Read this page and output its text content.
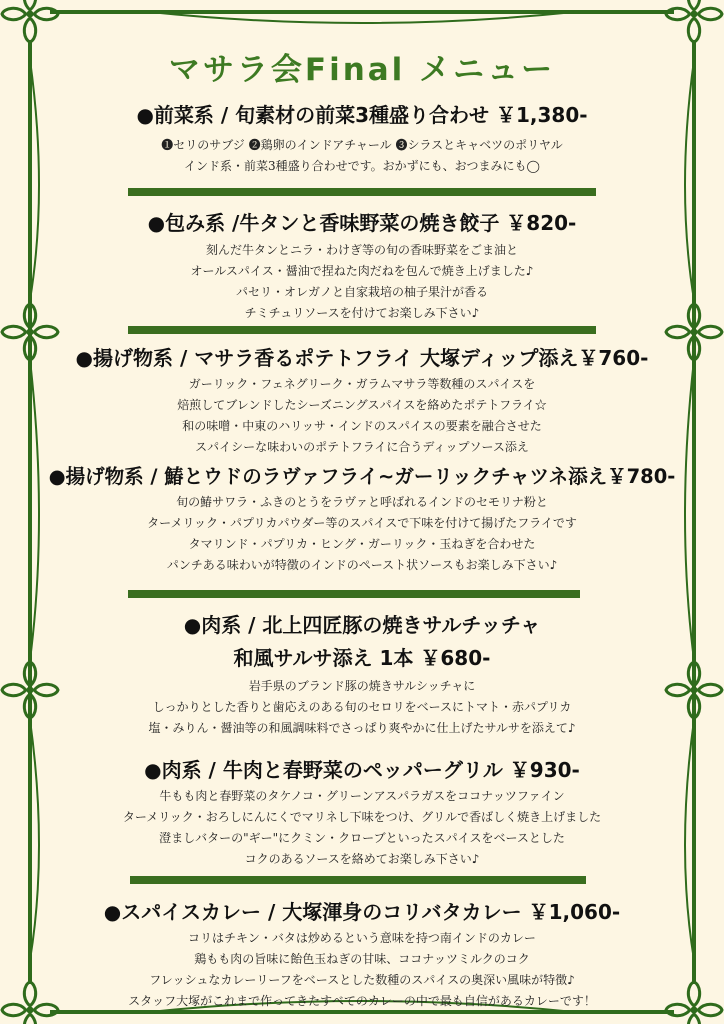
マサラ会Final メニュー
●前菜系 / 旬素材の前菜3種盛り合わせ ￥1,380-
❶セリのサブジ ❷鶏卵のインドアチャール ❸シラスとキャベツのポリヤル
インド系・前菜3種盛り合わせです。おかずにも、おつまみにも◯
●包み系 /牛タンと香味野菜の焼き餃子 ￥820-
刻んだ牛タンとニラ・わけぎ等の旬の香味野菜をごま油と
オールスパイス・醤油で捏ねた肉だねを包んで焼き上げました♪
パセリ・オレガノと自家栽培の柚子果汁が香る
チミチュリソースを付けてお楽しみ下さい♪
●揚げ物系 / マサラ香るポテトフライ 大塚ディップ添え￥760-
ガーリック・フェネグリーク・ガラムマサラ等数種のスパイスを
焙煎してブレンドしたシーズニングスパイスを絡めたポテトフライ☆
和の味噌・中東のハリッサ・インドのスパイスの要素を融合させた
スパイシーな味わいのポテトフライに合うディップソース添え
●揚げ物系 / 鰆とウドのラヴァフライ~ガーリックチャツネ添え￥780-
旬の鰆サワラ・ふきのとうをラヴァと呼ばれるインドのセモリナ粉と
ターメリック・パプリカパウダー等のスパイスで下味を付けて揚げたフライです
タマリンド・パプリカ・ヒング・ガーリック・玉ねぎを合わせた
パンチある味わいが特徴のインドのペースト状ソースもお楽しみ下さい♪
●肉系 / 北上四匠豚の焼きサルチッチャ
和風サルサ添え 1本 ￥680-
岩手県のブランド豚の焼きサルシッチャに
しっかりとした香りと歯応えのある旬のセロリをベースにトマト・赤パプリカ
塩・みりん・醤油等の和風調味料でさっぱり爽やかに仕上げたサルサを添えて♪
●肉系 / 牛肉と春野菜のペッパーグリル ￥930-
牛もも肉と春野菜のタケノコ・グリーンアスパラガスをココナッツファイン
ターメリック・おろしにんにくでマリネし下味をつけ、グリルで香ばしく焼き上げました
澄ましバターの"ギー"にクミン・クローブといったスパイスをベースとした
コクのあるソースを絡めてお楽しみ下さい♪
●スパイスカレー / 大塚渾身のコリバタカレー ￥1,060-
コリはチキン・バタは炒めるという意味を持つ南インドのカレー
鶏もも肉の旨味に飴色玉ねぎの甘味、ココナッツミルクのコク
フレッシュなカレーリーフをベースとした数種のスパイスの奥深い風味が特徴♪
スタッフ大塚がこれまで作ってきたすべてのカレーの中で最も自信があるカレーです！
